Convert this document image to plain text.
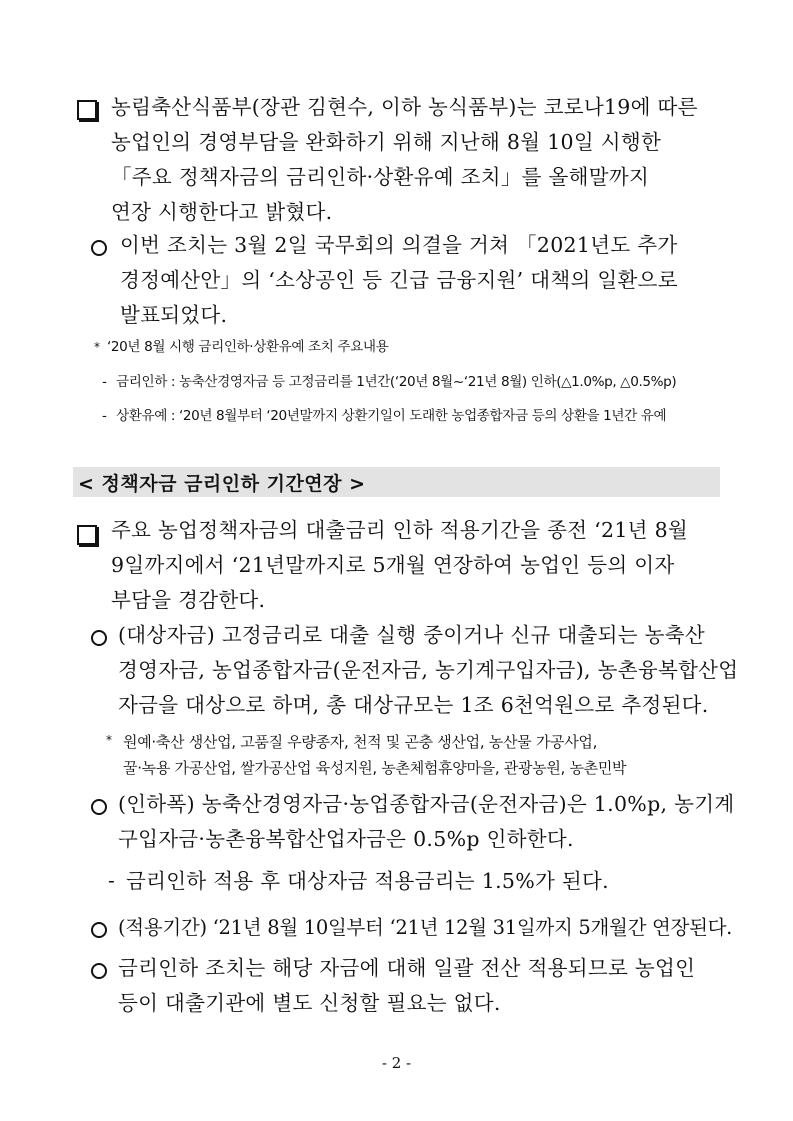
농림축산식품부(장관 김현수, 이하 농식품부)는 코로나19에 따른
농업인의 경영부담을 완화하기 위해 지난해 8월 10일 시행한
「주요 정책자금의 금리인하·상환유예 조치」를 올해말까지
연장 시행한다고 밝혔다.
이번 조치는 3월 2일 국무회의 의결을 거쳐 「2021년도 추가
경정예산안」의 ‘소상공인 등 긴급 금융지원’ 대책의 일환으로
발표되었다.
* ‘20년 8월 시행 금리인하·상환유예 조치 주요내용
- 금리인하 : 농축산경영자금 등 고정금리를 1년간(‘20년 8월~‘21년 8월) 인하(△1.0%p, △0.5%p)
- 상환유예 : ‘20년 8월부터 ‘20년말까지 상환기일이 도래한 농업종합자금 등의 상환을 1년간 유예
< 정책자금 금리인하 기간연장 >
주요 농업정책자금의 대출금리 인하 적용기간을 종전 ‘21년 8월
9일까지에서 ‘21년말까지로 5개월 연장하여 농업인 등의 이자
부담을 경감한다.
(대상자금) 고정금리로 대출 실행 중이거나 신규 대출되는 농축산
경영자금, 농업종합자금(운전자금, 농기계구입자금), 농촌융복합산업
자금을 대상으로 하며, 총 대상규모는 1조 6천억원으로 추정된다.
* 원예·축산 생산업, 고품질 우량종자, 천적 및 곤충 생산업, 농산물 가공사업,
꿀·녹용 가공산업, 쌀가공산업 육성지원, 농촌체험휴양마을, 관광농원, 농촌민박
(인하폭) 농축산경영자금·농업종합자금(운전자금)은 1.0%p, 농기계
구입자금·농촌융복합산업자금은 0.5%p 인하한다.
- 금리인하 적용 후 대상자금 적용금리는 1.5%가 된다.
(적용기간) ‘21년 8월 10일부터 ‘21년 12월 31일까지 5개월간 연장된다.
금리인하 조치는 해당 자금에 대해 일괄 전산 적용되므로 농업인
등이 대출기관에 별도 신청할 필요는 없다.
- 2 -
